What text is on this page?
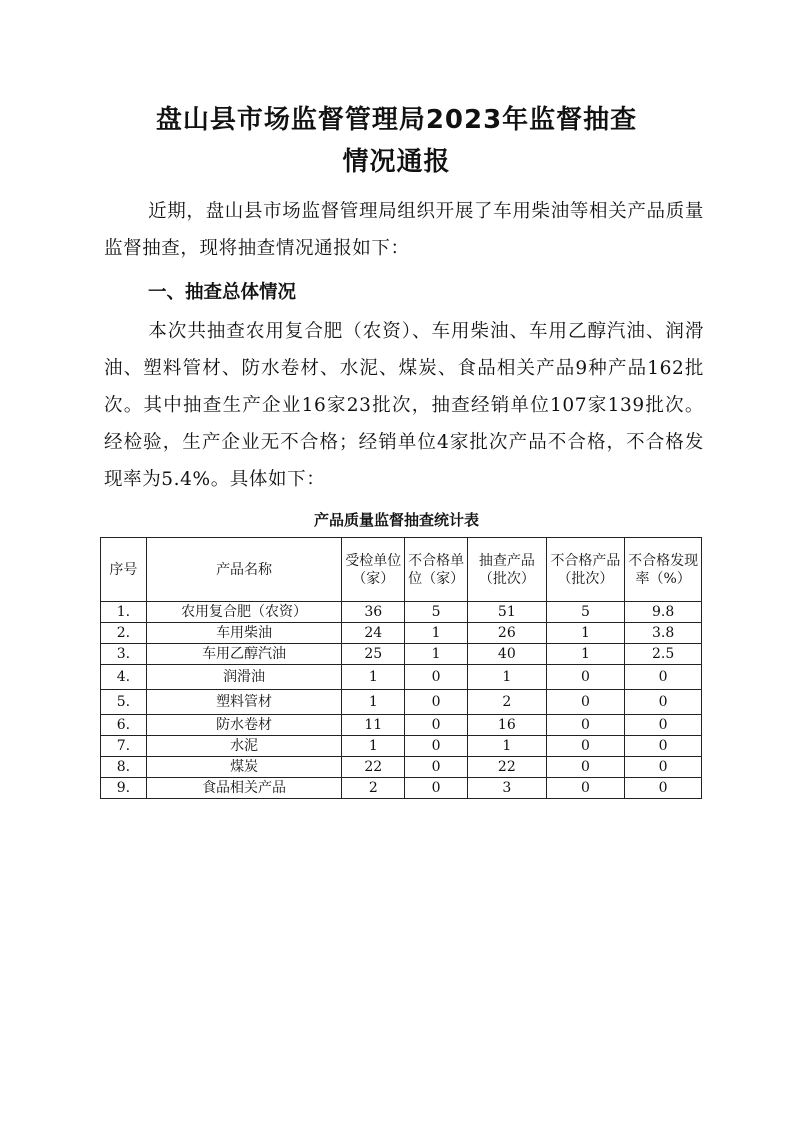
盘山县市场监督管理局2023年监督抽查
情况通报
近期，盘山县市场监督管理局组织开展了车用柴油等相关产品质量监督抽查，现将抽查情况通报如下：
一、抽查总体情况
本次共抽查农用复合肥（农资）、车用柴油、车用乙醇汽油、润滑油、塑料管材、防水卷材、水泥、煤炭、食品相关产品9种产品162批次。其中抽查生产企业16家23批次，抽查经销单位107家139批次。经检验，生产企业无不合格；经销单位4家批次产品不合格，不合格发现率为5.4%。具体如下：
产品质量监督抽查统计表
序号	产品名称	受检单位（家）	不合格单位（家）	抽查产品（批次）	不合格产品（批次）	不合格发现率（%）
1.	农用复合肥（农资）	36	5	51	5	9.8
2.	车用柴油	24	1	26	1	3.8
3.	车用乙醇汽油	25	1	40	1	2.5
4.	润滑油	1	0	1	0	0
5.	塑料管材	1	0	2	0	0
6.	防水卷材	11	0	16	0	0
7.	水泥	1	0	1	0	0
8.	煤炭	22	0	22	0	0
9.	食品相关产品	2	0	3	0	0
